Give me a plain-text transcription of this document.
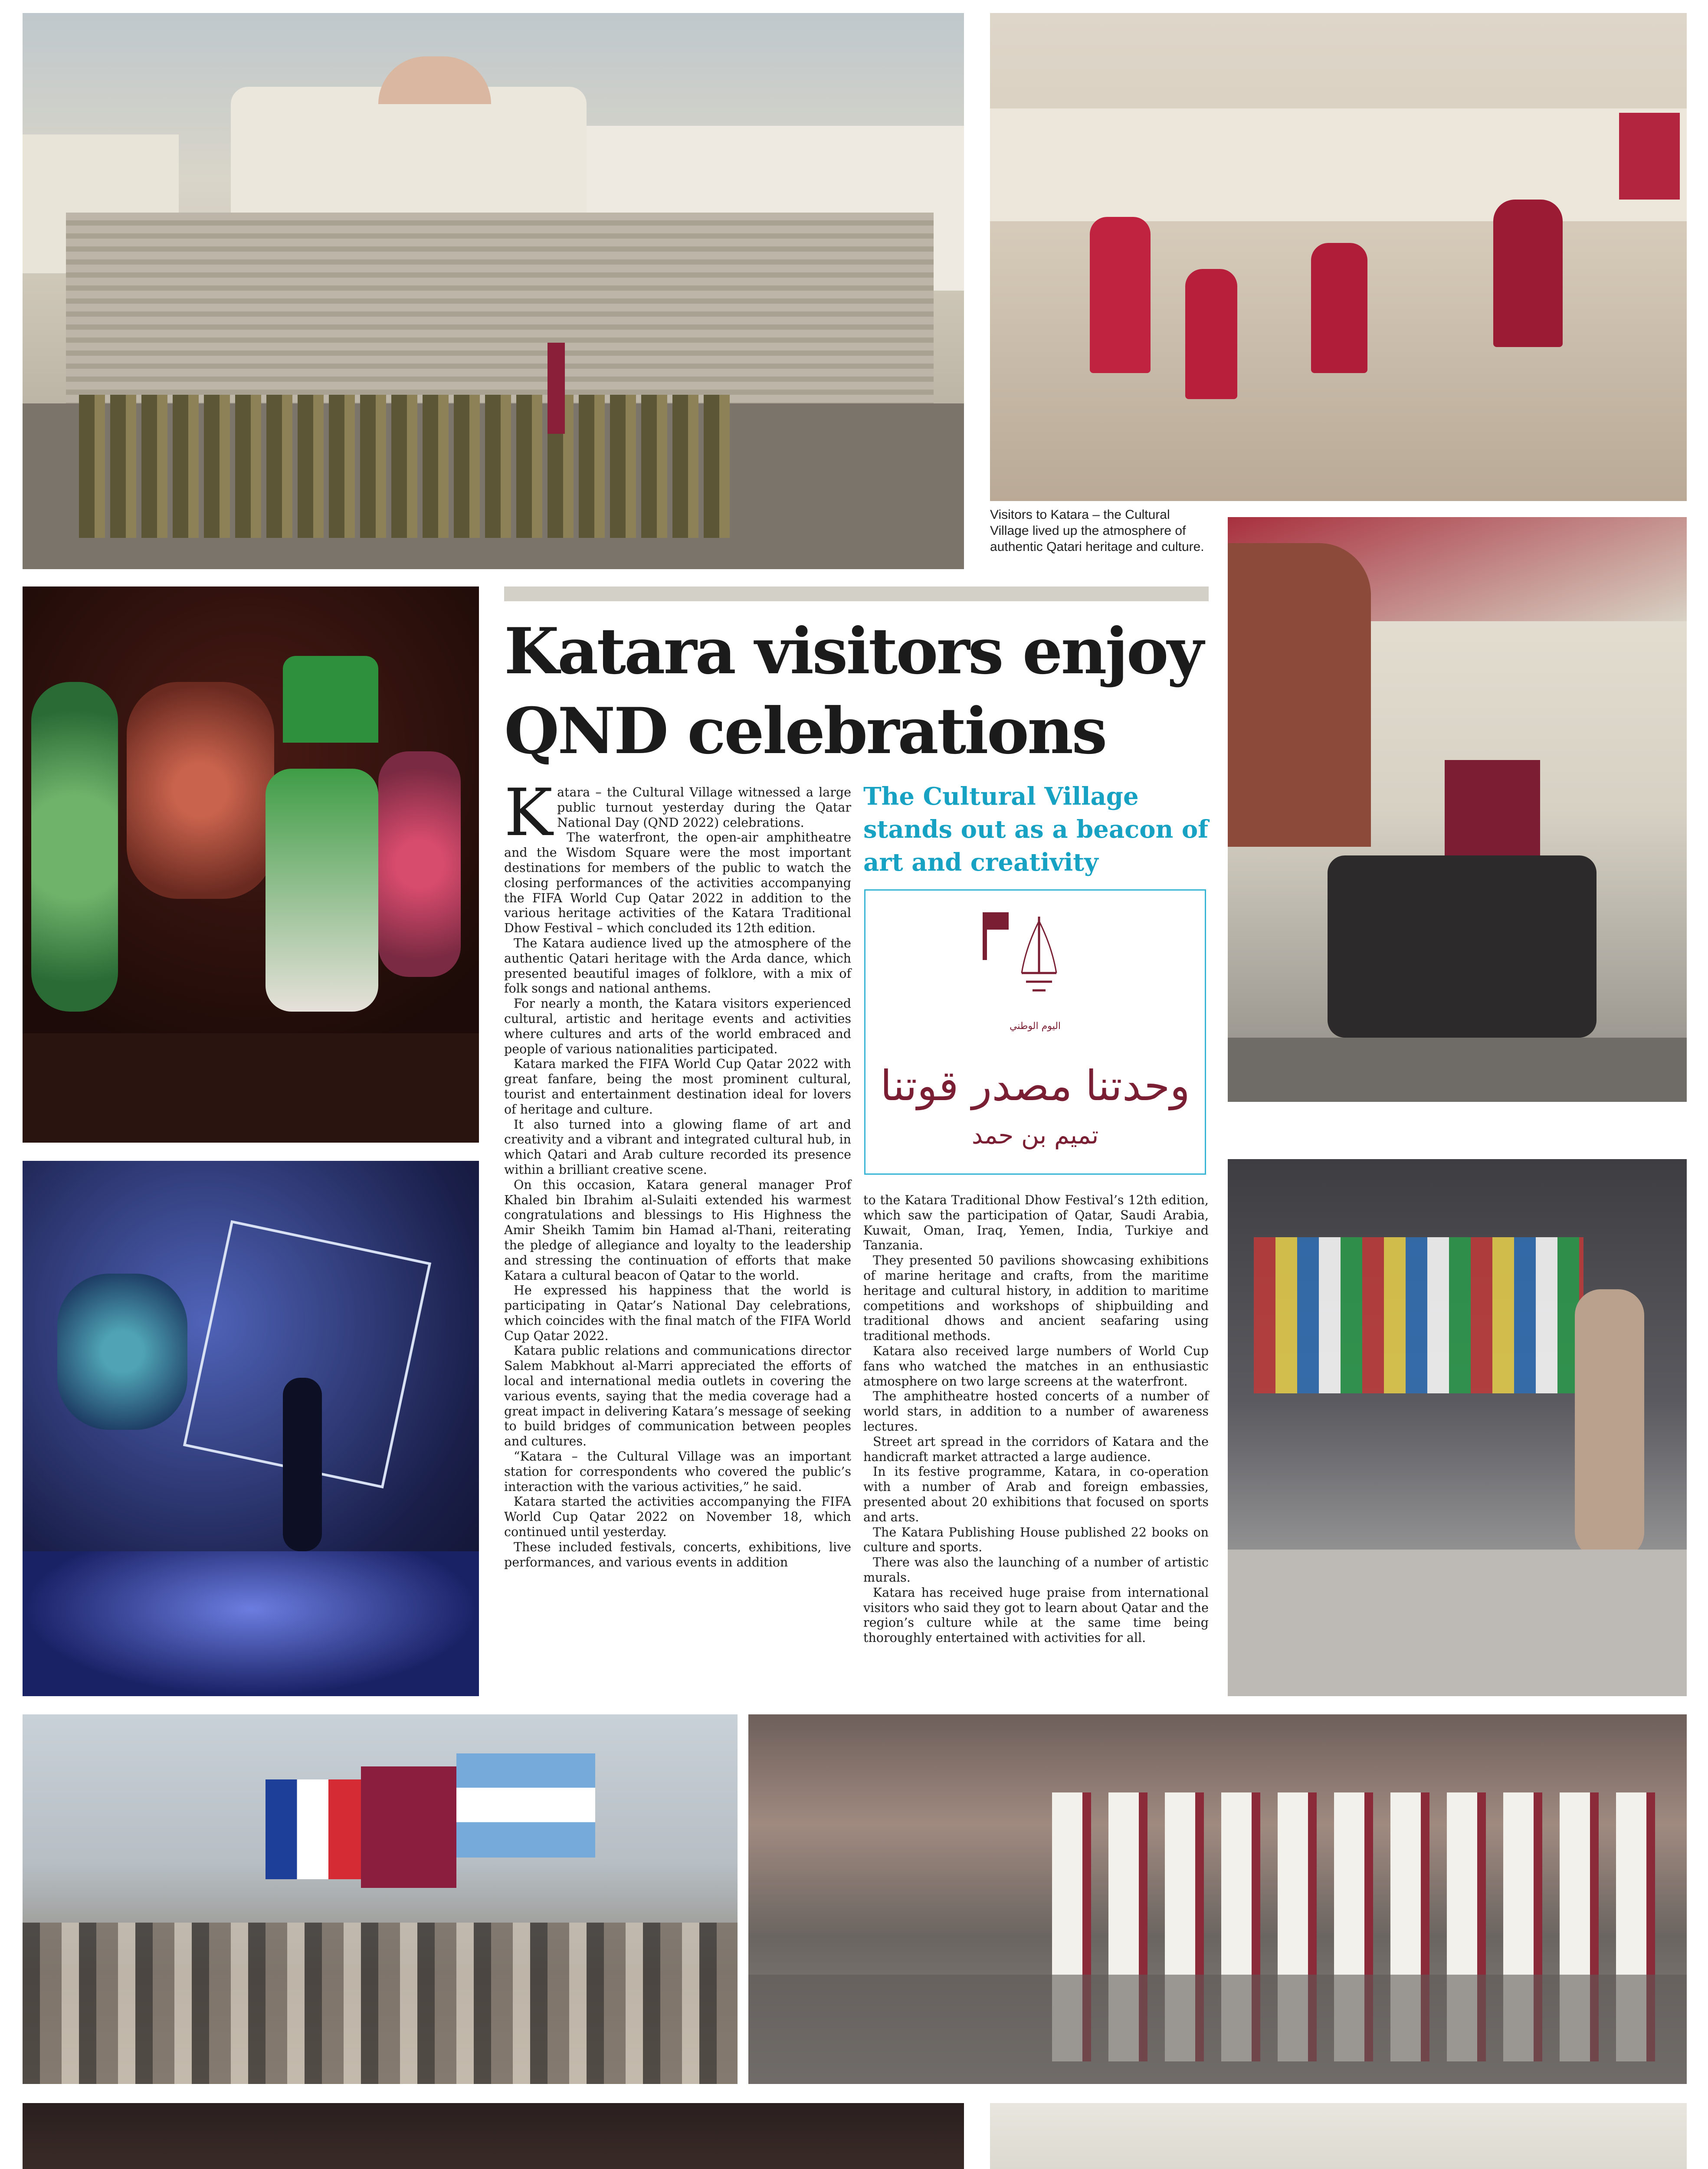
Visitors to Katara – the Cultural Village lived up the atmosphere of authentic Qatari heritage and culture.
Katara visitors enjoy QND celebrations

Katara – the Cultural Village witnessed a large public turnout yesterday during the Qatar National Day (QND 2022) celebrations.

The waterfront, the open-air amphitheatre and the Wisdom Square were the most important destinations for members of the public to watch the closing performances of the activities accompanying the FIFA World Cup Qatar 2022 in addition to the various heritage activities of the Katara Traditional Dhow Festival – which concluded its 12th edition.

The Katara audience lived up the atmosphere of the authentic Qatari heritage with the Arda dance, which presented beautiful images of folklore, with a mix of folk songs and national anthems.

For nearly a month, the Katara visitors experienced cultural, artistic and heritage events and activities where cultures and arts of the world embraced and people of various nationalities participated.

Katara marked the FIFA World Cup Qatar 2022 with great fanfare, being the most prominent cultural, tourist and entertainment destination ideal for lovers of heritage and culture.

It also turned into a glowing flame of art and creativity and a vibrant and integrated cultural hub, in which Qatari and Arab culture recorded its presence within a brilliant creative scene.

On this occasion, Katara general manager Prof Khaled bin Ibrahim al-Sulaiti extended his warmest congratulations and blessings to His Highness the Amir Sheikh Tamim bin Hamad al-Thani, reiterating the pledge of allegiance and loyalty to the leadership and stressing the continuation of efforts that make Katara a cultural beacon of Qatar to the world.

He expressed his happiness that the world is participating in Qatar’s National Day celebrations, which coincides with the final match of the FIFA World Cup Qatar 2022.

Katara public relations and communications director Salem Mabkhout al-Marri appreciated the efforts of local and international media outlets in covering the various events, saying that the media coverage had a great impact in delivering Katara’s message of seeking to build bridges of communication between peoples and cultures.

“Katara – the Cultural Village was an important station for correspondents who covered the public’s interaction with the various activities,” he said.

Katara started the activities accompanying the FIFA World Cup Qatar 2022 on November 18, which continued until yesterday.

These included festivals, concerts, exhibitions, live performances, and various events in addition

The Cultural Village stands out as a beacon of art and creativity
اليوم الوطني
وحدتنا مصدر قوتنا
تميم بن حمد

to the Katara Traditional Dhow Festival’s 12th edition, which saw the participation of Qatar, Saudi Arabia, Kuwait, Oman, Iraq, Yemen, India, Turkiye and Tanzania.

They presented 50 pavilions showcasing exhibitions of marine heritage and crafts, from the maritime heritage and cultural history, in addition to maritime competitions and workshops of shipbuilding and traditional dhows and ancient seafaring using traditional methods.

Katara also received large numbers of World Cup fans who watched the matches in an enthusiastic atmosphere on two large screens at the waterfront.

The amphitheatre hosted concerts of a number of world stars, in addition to a number of awareness lectures.

Street art spread in the corridors of Katara and the handicraft market attracted a large audience.

In its festive programme, Katara, in co-operation with a number of Arab and foreign embassies, presented about 20 exhibitions that focused on sports and arts.

The Katara Publishing House published 22 books on culture and sports.

There was also the launching of a number of artistic murals.

Katara has received huge praise from international visitors who said they got to learn about Qatar and the region’s culture while at the same time being thoroughly entertained with activities for all.
